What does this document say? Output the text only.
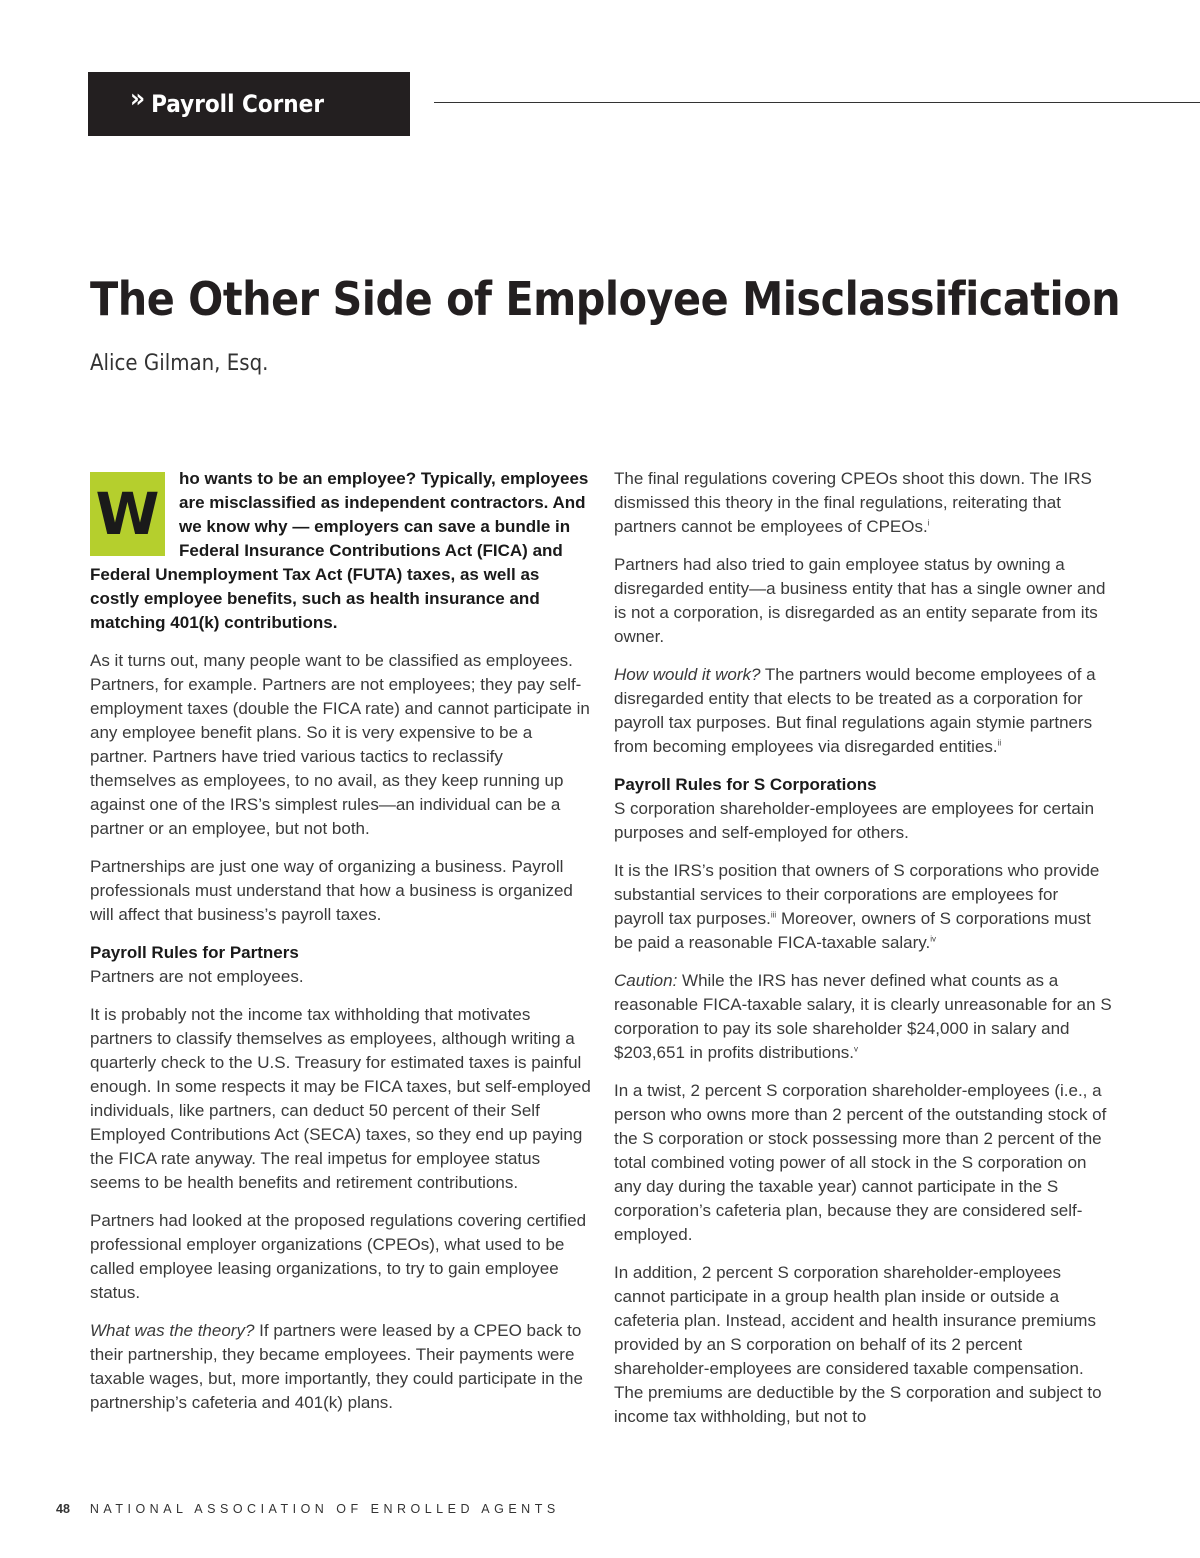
» Payroll Corner
The Other Side of Employee Misclassification

Alice Gilman, Esq.

W
ho wants to be an employee? Typically, employees are misclassified as independent contractors. And we know why — employers can save a bundle in Federal Insurance Contributions Act (FICA) and Federal Unemployment Tax Act (FUTA) taxes, as well as costly employee benefits, such as health insurance and matching 401(k) contributions.

As it turns out, many people want to be classified as employees. Partners, for example. Partners are not employees; they pay self-employment taxes (double the FICA rate) and cannot participate in any employee benefit plans. So it is very expensive to be a partner. Partners have tried various tactics to reclassify themselves as employees, to no avail, as they keep running up against one of the IRS’s simplest rules—an individual can be a partner or an employee, but not both.

Partnerships are just one way of organizing a business. Payroll professionals must understand that how a business is organized will affect that business’s payroll taxes.

Payroll Rules for Partners
Partners are not employees.

It is probably not the income tax withholding that motivates partners to classify themselves as employees, although writing a quarterly check to the U.S. Treasury for estimated taxes is painful enough. In some respects it may be FICA taxes, but self-employed individuals, like partners, can deduct 50 percent of their Self Employed Contributions Act (SECA) taxes, so they end up paying the FICA rate anyway. The real impetus for employee status seems to be health benefits and retirement contributions.

Partners had looked at the proposed regulations covering certified professional employer organizations (CPEOs), what used to be called employee leasing organizations, to try to gain employee status.

What was the theory? If partners were leased by a CPEO back to their partnership, they became employees. Their payments were taxable wages, but, more importantly, they could participate in the partnership’s cafeteria and 401(k) plans.

The final regulations covering CPEOs shoot this down. The IRS dismissed this theory in the final regulations, reiterating that partners cannot be employees of CPEOs.$^i$

Partners had also tried to gain employee status by owning a disregarded entity—a business entity that has a single owner and is not a corporation, is disregarded as an entity separate from its owner.

How would it work? The partners would become employees of a disregarded entity that elects to be treated as a corporation for payroll tax purposes. But final regulations again stymie partners from becoming employees via disregarded entities.$^{ii}$

Payroll Rules for S Corporations
S corporation shareholder-employees are employees for certain purposes and self-employed for others.

It is the IRS’s position that owners of S corporations who provide substantial services to their corporations are employees for payroll tax purposes.$^{iii}$ Moreover, owners of S corporations must be paid a reasonable FICA-taxable salary.$^{iv}$

Caution: While the IRS has never defined what counts as a reasonable FICA-taxable salary, it is clearly unreasonable for an S corporation to pay its sole shareholder $24,000 in salary and $203,651 in profits distributions.$^v$

In a twist, 2 percent S corporation shareholder-employees (i.e., a person who owns more than 2 percent of the outstanding stock of the S corporation or stock possessing more than 2 percent of the total combined voting power of all stock in the S corporation on any day during the taxable year) cannot participate in the S corporation’s cafeteria plan, because they are considered self-employed.

In addition, 2 percent S corporation shareholder-employees cannot participate in a group health plan inside or outside a cafeteria plan. Instead, accident and health insurance premiums provided by an S corporation on behalf of its 2 percent shareholder-employees are considered taxable compensation. The premiums are deductible by the S corporation and subject to income tax withholding, but not to

48 NATIONAL ASSOCIATION OF ENROLLED AGENTS
